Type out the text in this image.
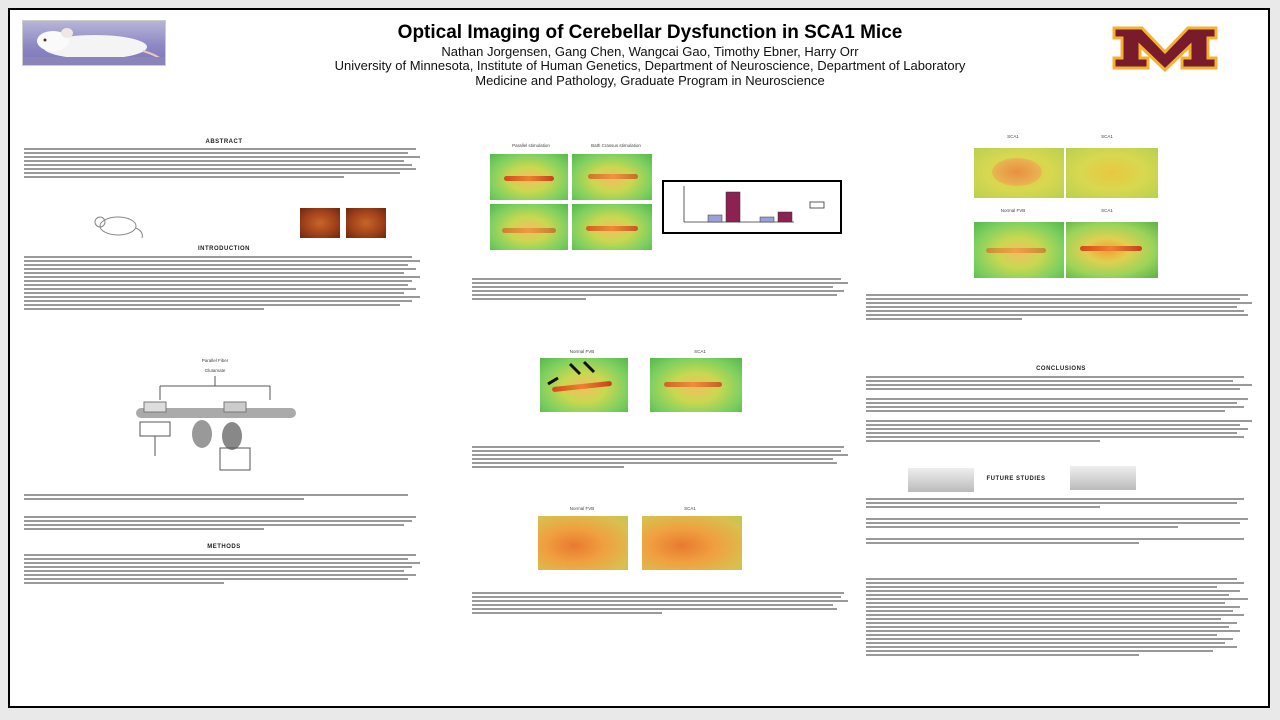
Optical Imaging of Cerebellar Dysfunction in SCA1 Mice
Nathan Jorgensen, Gang Chen, Wangcai Gao, Timothy Ebner, Harry Orr
University of Minnesota, Institute of Human Genetics, Department of Neuroscience, Department of Laboratory
Medicine and Pathology, Graduate Program in Neuroscience
ABSTRACT
INTRODUCTION
Parallel Fiber
Glutamate
METHODS
Parallel stimulation	Bath Crassus stimulation
Normal FVB	SCA1
Normal FVB	SCA1
SCA1	SCA1
Normal FVB	SCA1
CONCLUSIONS
FUTURE STUDIES
